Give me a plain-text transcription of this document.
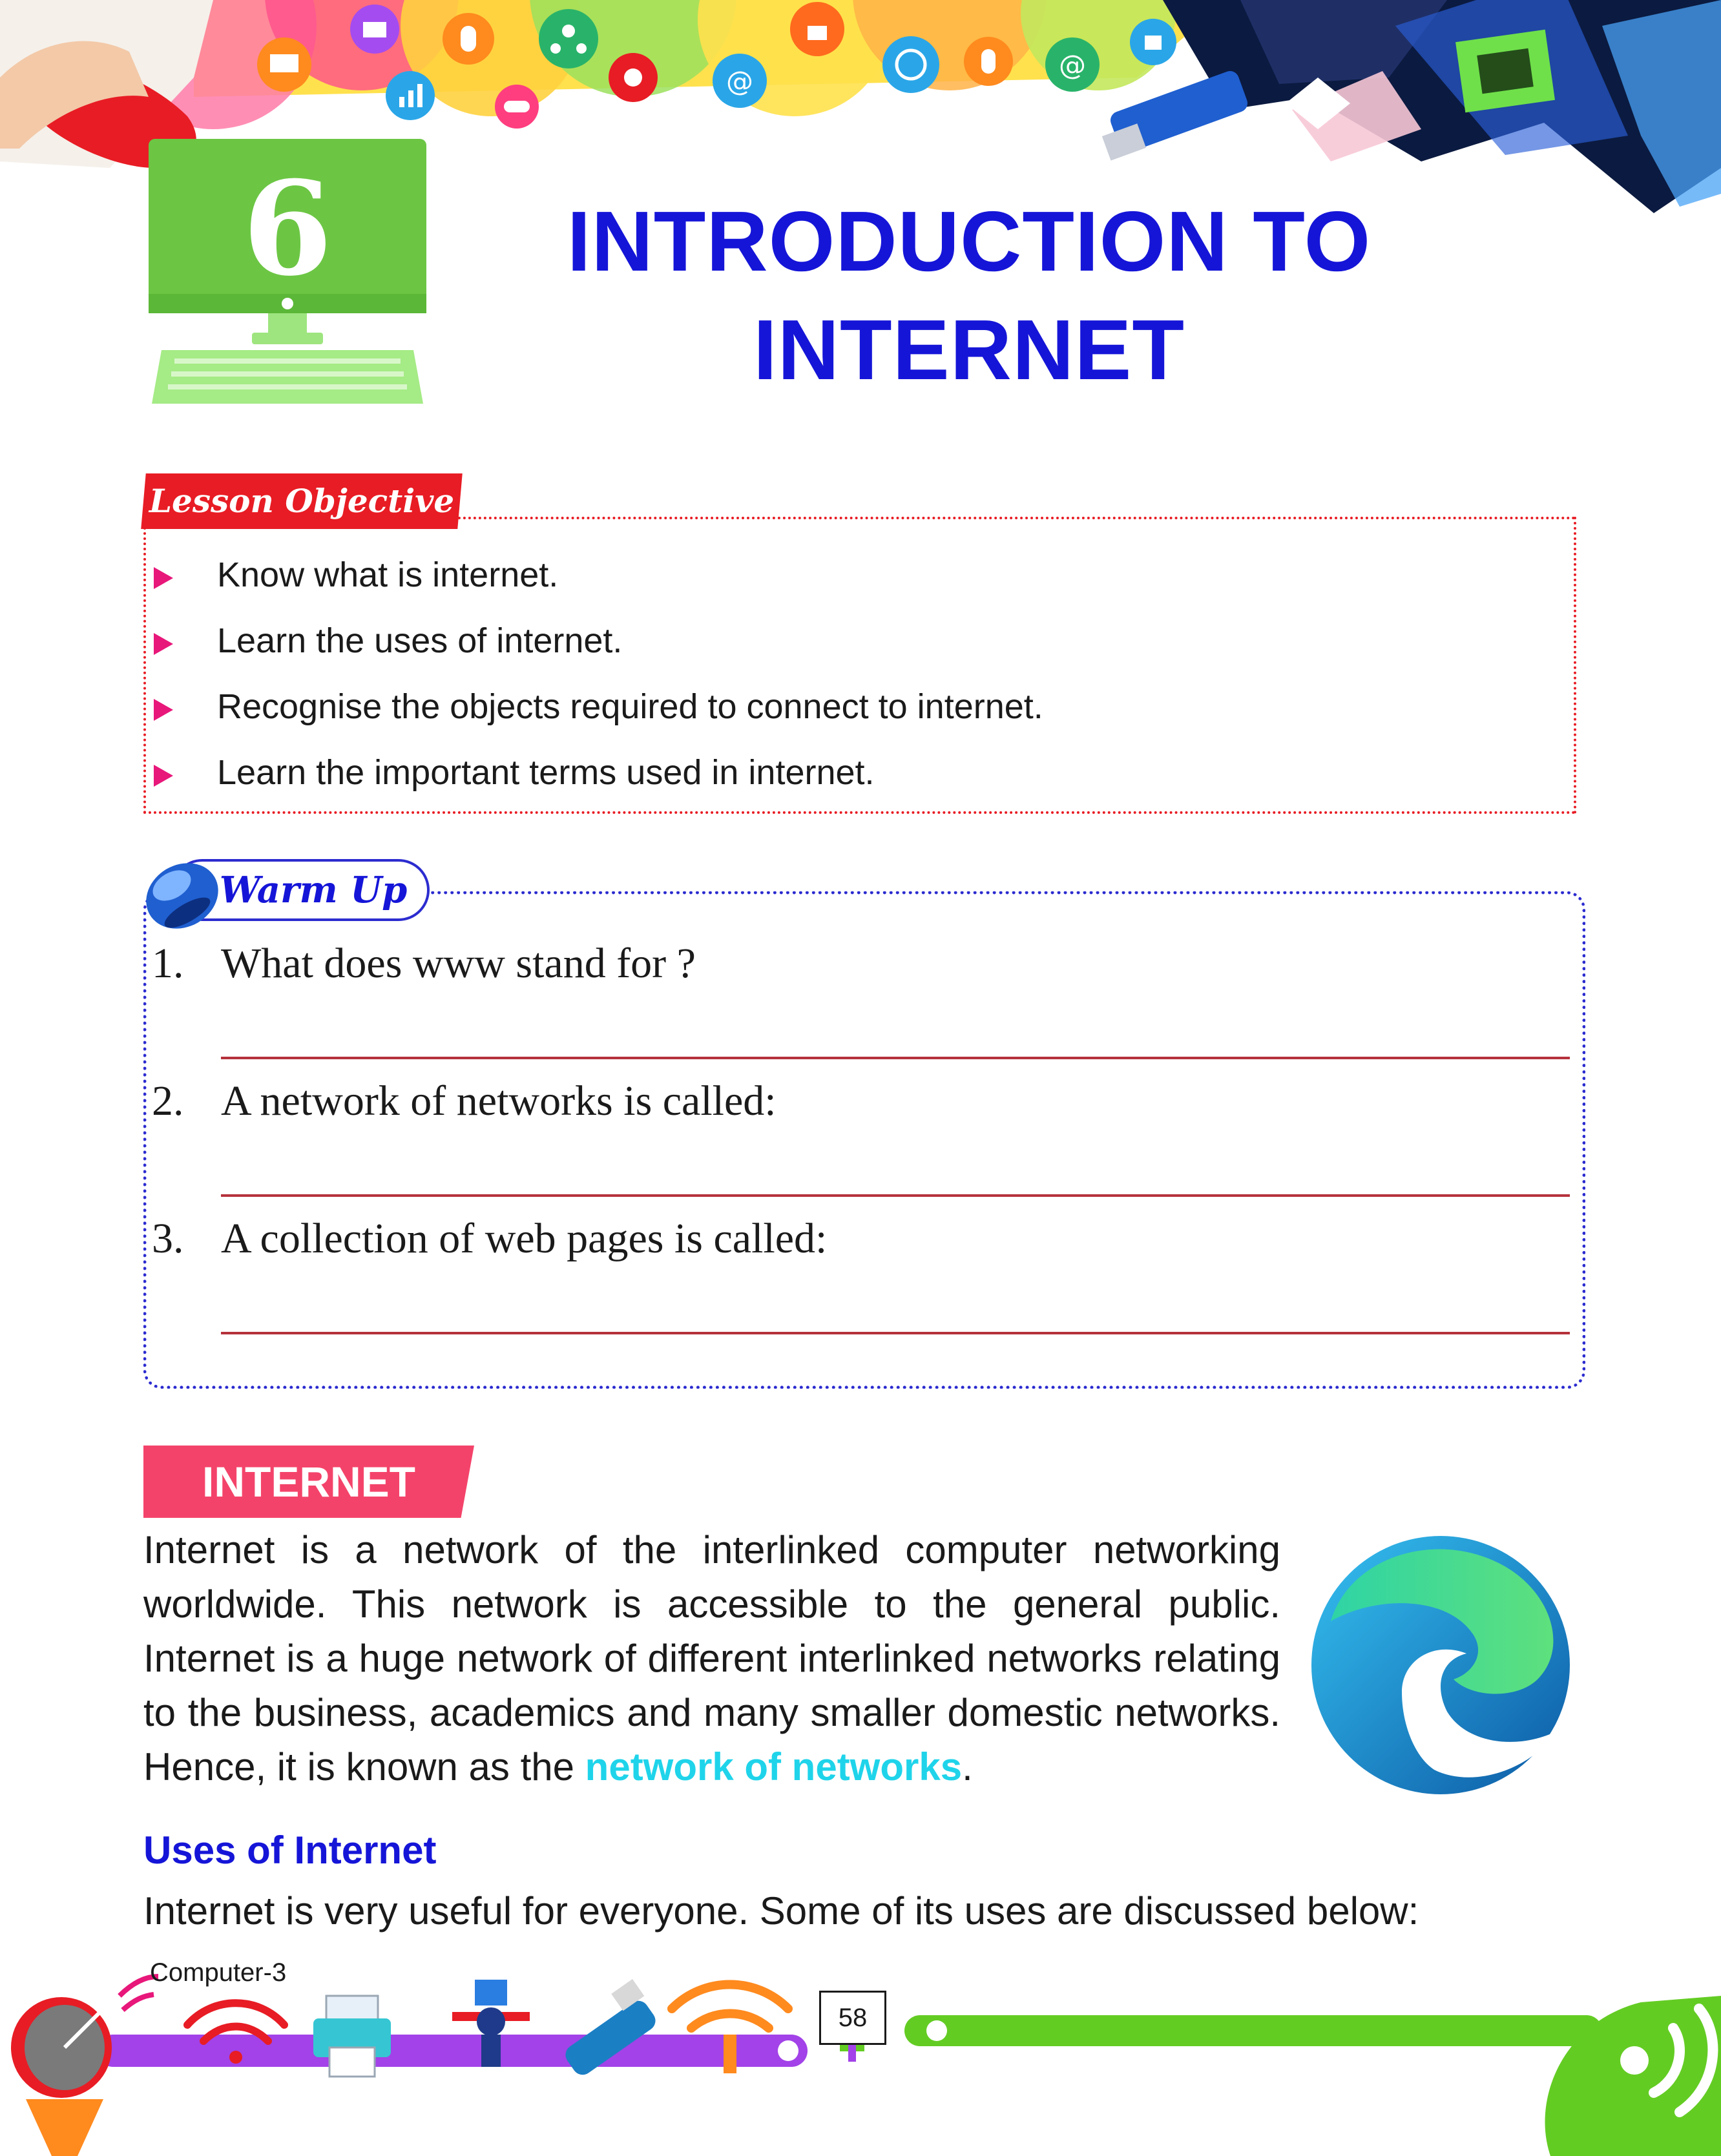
@
@
6	INTRODUCTION TO
INTERNET
Lesson Objective
Know what is internet.
Learn the uses of internet.
Recognise the objects required to connect to internet.
Learn the important terms used in internet.
Warm Up
1. What does www stand for ?
2. A network of networks is called:
3. A collection of web pages is called:
INTERNET
Internet is a network of the interlinked computer networking worldwide. This network is accessible to the general public. Internet is a huge network of different interlinked networks relating to the business, academics and many smaller domestic networks. Hence, it is known as the network of networks.
Uses of Internet
Internet is very useful for everyone. Some of its uses are discussed below:
Computer-3
58
